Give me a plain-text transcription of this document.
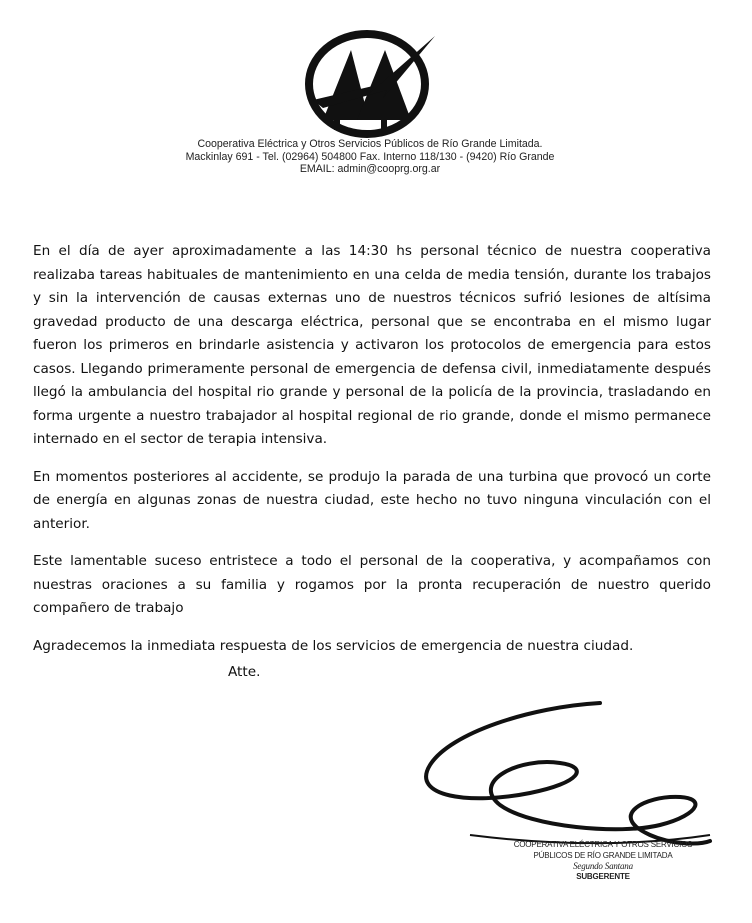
Cooperativa Eléctrica y Otros Servicios Públicos de Río Grande Limitada.
Mackinlay 691 - Tel. (02964) 504800 Fax. Interno 118/130 - (9420) Río Grande
EMAIL: admin@cooprg.org.ar

En el día de ayer aproximadamente a las 14:30 hs personal técnico de nuestra cooperativa realizaba tareas habituales de mantenimiento en una celda de media tensión, durante los trabajos y sin la intervención de causas externas uno de nuestros técnicos sufrió lesiones de altísima gravedad producto de una descarga eléctrica, personal que se encontraba en el mismo lugar fueron los primeros en brindarle asistencia y activaron los protocolos de emergencia para estos casos. Llegando primeramente personal de emergencia de defensa civil, inmediatamente después llegó la ambulancia del hospital rio grande y personal de la policía de la provincia, trasladando en forma urgente a nuestro trabajador al hospital regional de rio grande, donde el mismo permanece internado en el sector de terapia intensiva.

En momentos posteriores al accidente, se produjo la parada de una turbina que provocó un corte de energía en algunas zonas de nuestra ciudad, este hecho no tuvo ninguna vinculación con el anterior.

Este lamentable suceso entristece a todo el personal de la cooperativa, y acompañamos con nuestras oraciones a su familia y rogamos por la pronta recuperación de nuestro querido compañero de trabajo

Agradecemos la inmediata respuesta de los servicios de emergencia de nuestra ciudad.

Atte.
COOPERATIVA ELÉCTRICA Y OTROS SERVICIOS
PÚBLICOS DE RÍO GRANDE LIMITADA
Segundo Santana
SUBGERENTE
